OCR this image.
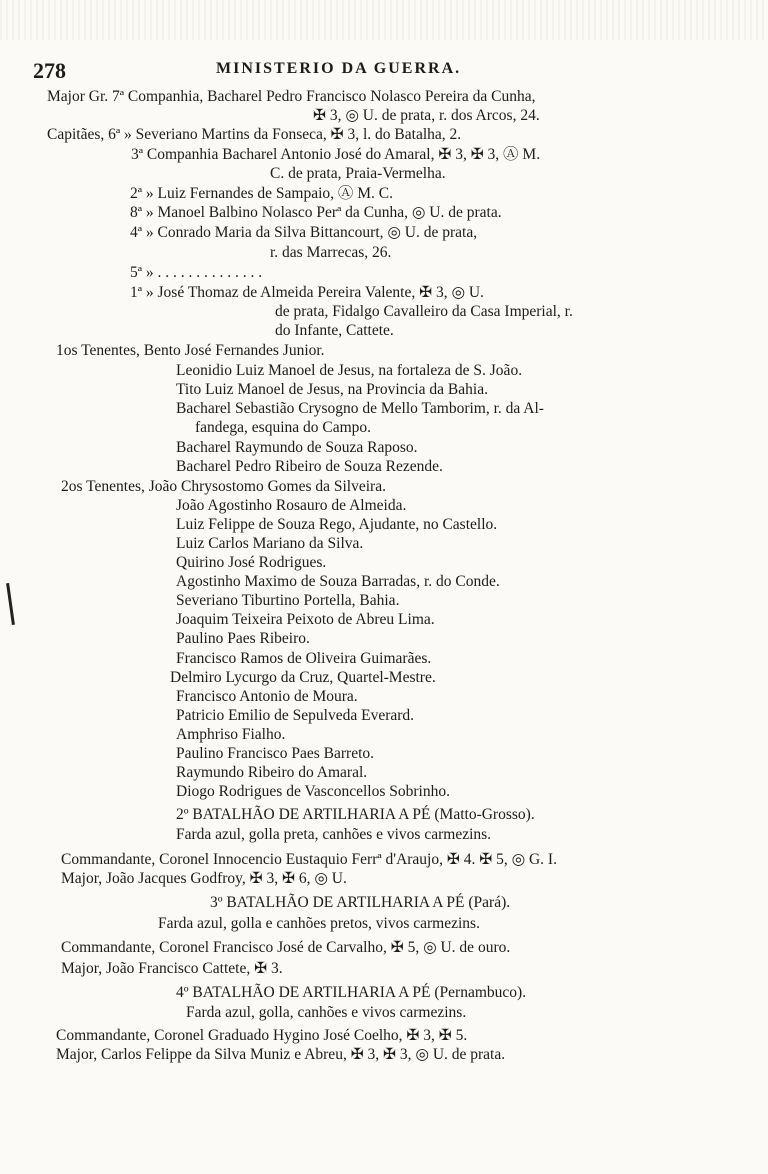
278	MINISTERIO DA GUERRA.
Major Gr. 7ª Companhia, Bacharel Pedro Francisco Nolasco Pereira da Cunha,
✠ 3, ◎ U. de prata, r. dos Arcos, 24.
Capitães, 6ª » Severiano Martins da Fonseca, ✠ 3, l. do Batalha, 2.
3ª Companhia Bacharel Antonio José do Amaral, ✠ 3, ✠ 3, Ⓐ M.
C. de prata, Praia-Vermelha.
2ª » Luiz Fernandes de Sampaio, Ⓐ M. C.
8ª » Manoel Balbino Nolasco Perª da Cunha, ◎ U. de prata.
4ª » Conrado Maria da Silva Bittancourt, ◎ U. de prata,
r. das Marrecas, 26.
5ª » . . . . . . . . . . . . . .
1ª » José Thomaz de Almeida Pereira Valente, ✠ 3, ◎ U.
de prata, Fidalgo Cavalleiro da Casa Imperial, r.
do Infante, Cattete.
1os Tenentes, Bento José Fernandes Junior.
Leonidio Luiz Manoel de Jesus, na fortaleza de S. João.
Tito Luiz Manoel de Jesus, na Provincia da Bahia.
Bacharel Sebastião Crysogno de Mello Tamborim, r. da Al-
fandega, esquina do Campo.
Bacharel Raymundo de Souza Raposo.
Bacharel Pedro Ribeiro de Souza Rezende.
2os Tenentes, João Chrysostomo Gomes da Silveira.
João Agostinho Rosauro de Almeida.
Luiz Felippe de Souza Rego, Ajudante, no Castello.
Luiz Carlos Mariano da Silva.
Quirino José Rodrigues.
Agostinho Maximo de Souza Barradas, r. do Conde.
Severiano Tiburtino Portella, Bahia.
Joaquim Teixeira Peixoto de Abreu Lima.
Paulino Paes Ribeiro.
Francisco Ramos de Oliveira Guimarães.
Delmiro Lycurgo da Cruz, Quartel-Mestre.
Francisco Antonio de Moura.
Patricio Emilio de Sepulveda Everard.
Amphriso Fialho.
Paulino Francisco Paes Barreto.
Raymundo Ribeiro do Amaral.
Diogo Rodrigues de Vasconcellos Sobrinho.
2º BATALHÃO DE ARTILHARIA A PÉ (Matto-Grosso).
Farda azul, golla preta, canhões e vivos carmezins.
Commandante, Coronel Innocencio Eustaquio Ferrª d'Araujo, ✠ 4. ✠ 5, ◎ G. I.
Major, João Jacques Godfroy, ✠ 3, ✠ 6, ◎ U.
3º BATALHÃO DE ARTILHARIA A PÉ (Pará).
Farda azul, golla e canhões pretos, vivos carmezins.
Commandante, Coronel Francisco José de Carvalho, ✠ 5, ◎ U. de ouro.
Major, João Francisco Cattete, ✠ 3.
4º BATALHÃO DE ARTILHARIA A PÉ (Pernambuco).
Farda azul, golla, canhões e vivos carmezins.
Commandante, Coronel Graduado Hygino José Coelho, ✠ 3, ✠ 5.
Major, Carlos Felippe da Silva Muniz e Abreu, ✠ 3, ✠ 3, ◎ U. de prata.
